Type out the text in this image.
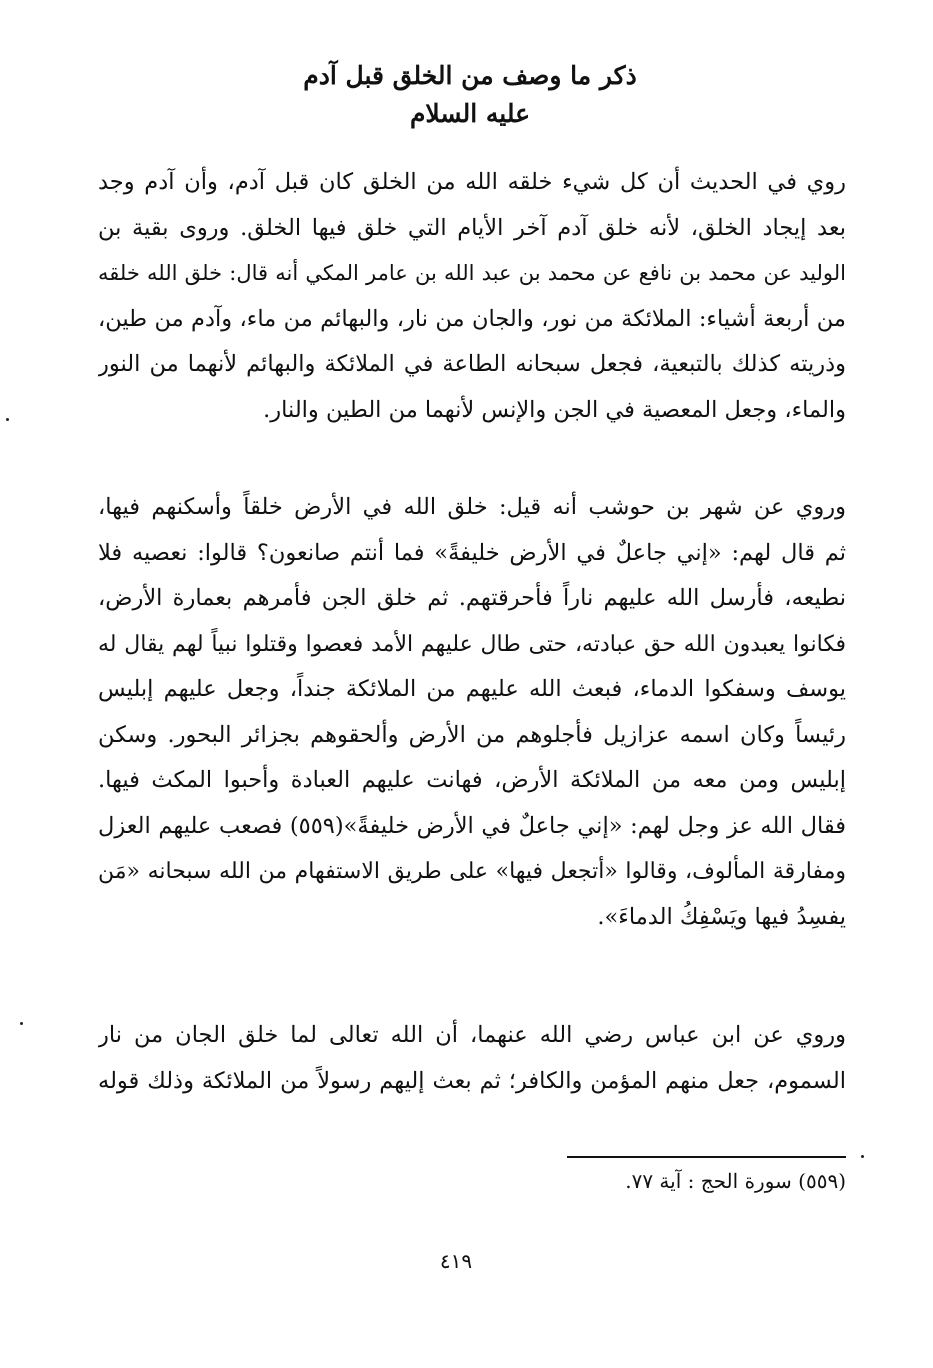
ذكر ما وصف من الخلق قبل آدم
عليه السلام
روي في الحديث أن كل شيء خلقه الله من الخلق كان قبل آدم، وأن آدم وجد
بعد إيجاد الخلق، لأنه خلق آدم آخر الأيام التي خلق فيها الخلق. وروى بقية بن
الوليد عن محمد بن نافع عن محمد بن عبد الله بن عامر المكي أنه قال: خلق الله خلقه
من أربعة أشياء: الملائكة من نور، والجان من نار، والبهائم من ماء، وآدم من طين،
وذريته كذلك بالتبعية، فجعل سبحانه الطاعة في الملائكة والبهائم لأنهما من النور
والماء، وجعل المعصية في الجن والإنس لأنهما من الطين والنار.
وروي عن شهر بن حوشب أنه قيل: خلق الله في الأرض خلقاً وأسكنهم فيها،
ثم قال لهم: «إني جاعلٌ في الأرض خليفةً» فما أنتم صانعون؟ قالوا: نعصيه فلا
نطيعه، فأرسل الله عليهم ناراً فأحرقتهم. ثم خلق الجن فأمرهم بعمارة الأرض،
فكانوا يعبدون الله حق عبادته، حتى طال عليهم الأمد فعصوا وقتلوا نبياً لهم يقال له
يوسف وسفكوا الدماء، فبعث الله عليهم من الملائكة جنداً، وجعل عليهم إبليس
رئيساً وكان اسمه عزازيل فأجلوهم من الأرض وألحقوهم بجزائر البحور. وسكن
إبليس ومن معه من الملائكة الأرض، فهانت عليهم العبادة وأحبوا المكث فيها.
فقال الله عز وجل لهم: «إني جاعلٌ في الأرض خليفةً»(٥٥٩) فصعب عليهم العزل
ومفارقة المألوف، وقالوا «أتجعل فيها» على طريق الاستفهام من الله سبحانه «مَن
يفسِدُ فيها ويَسْفِكُ الدماءَ».
وروي عن ابن عباس رضي الله عنهما، أن الله تعالى لما خلق الجان من نار
السموم، جعل منهم المؤمن والكافر؛ ثم بعث إليهم رسولاً من الملائكة وذلك قوله
(٥٥٩) سورة الحج : آية ٧٧.
٤١٩
